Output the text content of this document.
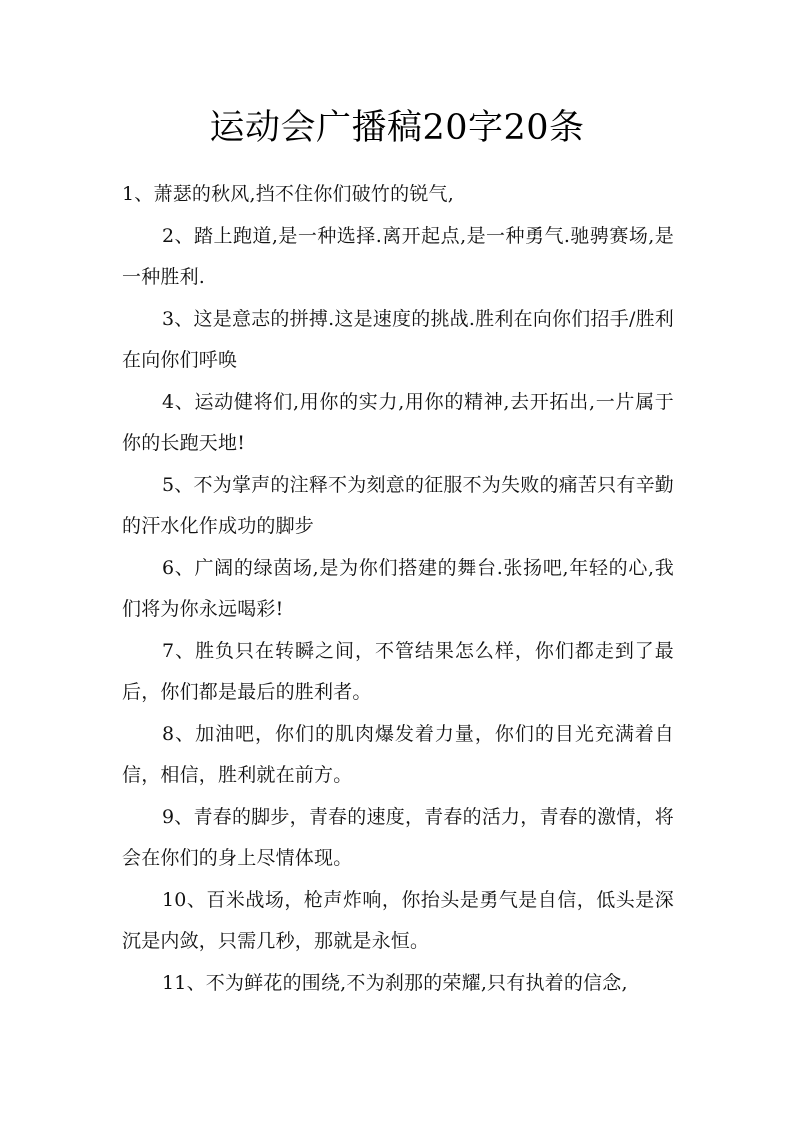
运动会广播稿20字20条

1、萧瑟的秋风,挡不住你们破竹的锐气,

2、踏上跑道,是一种选择.离开起点,是一种勇气.驰骋赛场,是一种胜利.

3、这是意志的拼搏.这是速度的挑战.胜利在向你们招手/胜利在向你们呼唤

4、运动健将们,用你的实力,用你的精神,去开拓出,一片属于你的长跑天地!

5、不为掌声的注释不为刻意的征服不为失败的痛苦只有辛勤的汗水化作成功的脚步

6、广阔的绿茵场,是为你们搭建的舞台.张扬吧,年轻的心,我们将为你永远喝彩!

7、胜负只在转瞬之间，不管结果怎么样，你们都走到了最后，你们都是最后的胜利者。

8、加油吧，你们的肌肉爆发着力量，你们的目光充满着自信，相信，胜利就在前方。

9、青春的脚步，青春的速度，青春的活力，青春的激情，将会在你们的身上尽情体现。

10、百米战场，枪声炸响，你抬头是勇气是自信，低头是深沉是内敛，只需几秒，那就是永恒。

11、不为鲜花的围绕,不为刹那的荣耀,只有执着的信念,
